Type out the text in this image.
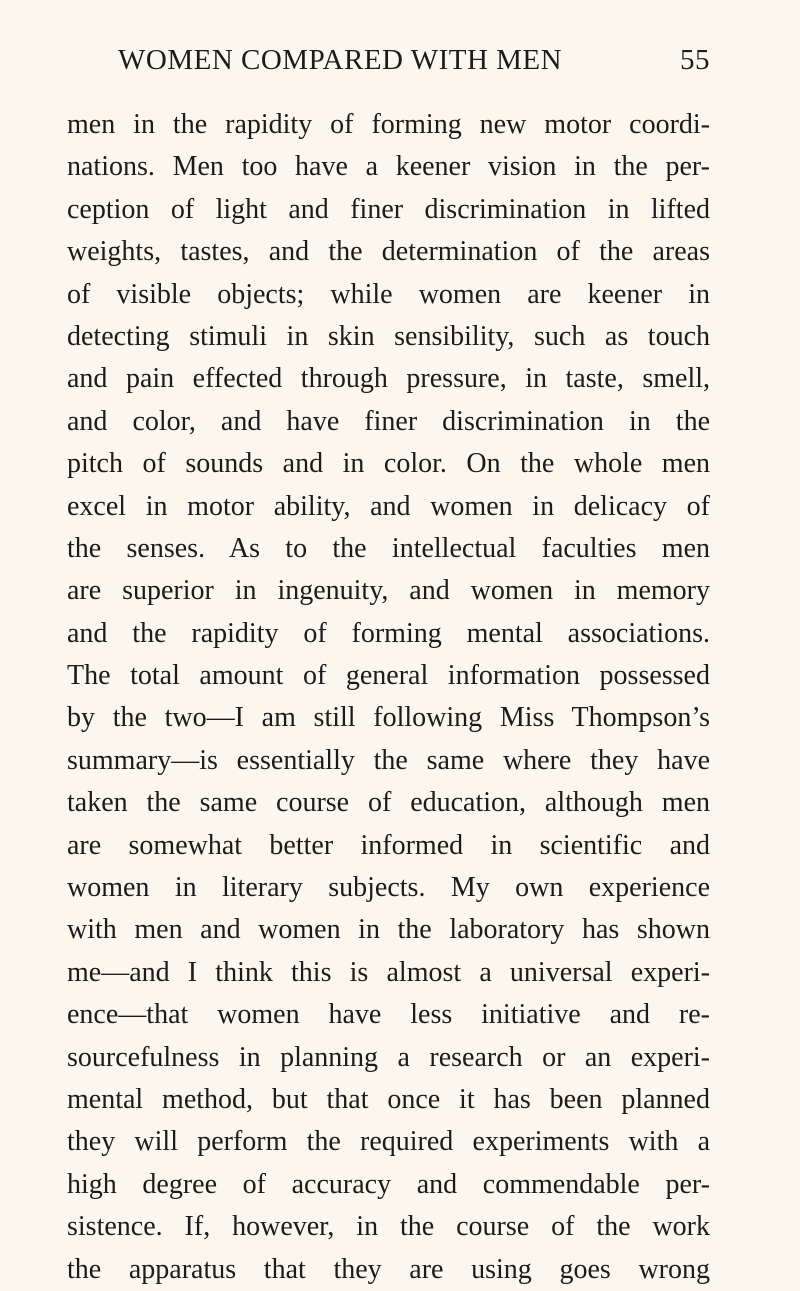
WOMEN COMPARED WITH MEN	55
men in the rapidity of forming new motor coordi-
nations. Men too have a keener vision in the per-
ception of light and finer discrimination in lifted
weights, tastes, and the determination of the areas
of visible objects; while women are keener in
detecting stimuli in skin sensibility, such as touch
and pain effected through pressure, in taste, smell,
and color, and have finer discrimination in the
pitch of sounds and in color. On the whole men
excel in motor ability, and women in delicacy of
the senses. As to the intellectual faculties men
are superior in ingenuity, and women in memory
and the rapidity of forming mental associations.
The total amount of general information possessed
by the two—I am still following Miss Thompson’s
summary—is essentially the same where they have
taken the same course of education, although men
are somewhat better informed in scientific and
women in literary subjects. My own experience
with men and women in the laboratory has shown
me—and I think this is almost a universal experi-
ence—that women have less initiative and re-
sourcefulness in planning a research or an experi-
mental method, but that once it has been planned
they will perform the required experiments with a
high degree of accuracy and commendable per-
sistence. If, however, in the course of the work
the apparatus that they are using goes wrong
